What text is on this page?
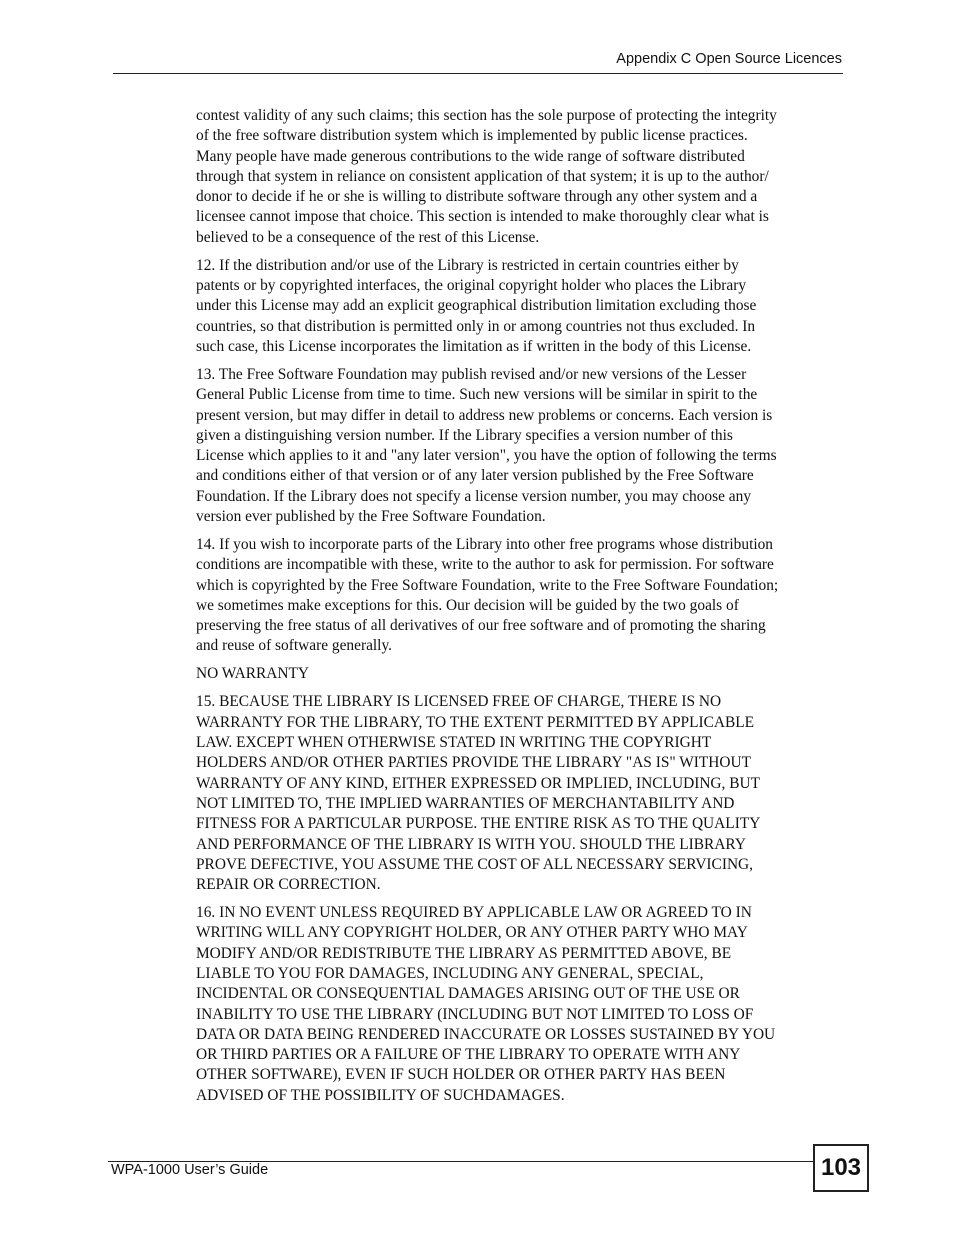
Appendix C Open Source Licences

contest validity of any such claims; this section has the sole purpose of protecting the integrity
of the free software distribution system which is implemented by public license practices.
Many people have made generous contributions to the wide range of software distributed
through that system in reliance on consistent application of that system; it is up to the author/
donor to decide if he or she is willing to distribute software through any other system and a
licensee cannot impose that choice. This section is intended to make thoroughly clear what is
believed to be a consequence of the rest of this License.

12. If the distribution and/or use of the Library is restricted in certain countries either by
patents or by copyrighted interfaces, the original copyright holder who places the Library
under this License may add an explicit geographical distribution limitation excluding those
countries, so that distribution is permitted only in or among countries not thus excluded. In
such case, this License incorporates the limitation as if written in the body of this License.

13. The Free Software Foundation may publish revised and/or new versions of the Lesser
General Public License from time to time. Such new versions will be similar in spirit to the
present version, but may differ in detail to address new problems or concerns. Each version is
given a distinguishing version number. If the Library specifies a version number of this
License which applies to it and "any later version", you have the option of following the terms
and conditions either of that version or of any later version published by the Free Software
Foundation. If the Library does not specify a license version number, you may choose any
version ever published by the Free Software Foundation.

14. If you wish to incorporate parts of the Library into other free programs whose distribution
conditions are incompatible with these, write to the author to ask for permission. For software
which is copyrighted by the Free Software Foundation, write to the Free Software Foundation;
we sometimes make exceptions for this. Our decision will be guided by the two goals of
preserving the free status of all derivatives of our free software and of promoting the sharing
and reuse of software generally.

NO WARRANTY

15. BECAUSE THE LIBRARY IS LICENSED FREE OF CHARGE, THERE IS NO
WARRANTY FOR THE LIBRARY, TO THE EXTENT PERMITTED BY APPLICABLE
LAW. EXCEPT WHEN OTHERWISE STATED IN WRITING THE COPYRIGHT
HOLDERS AND/OR OTHER PARTIES PROVIDE THE LIBRARY "AS IS" WITHOUT
WARRANTY OF ANY KIND, EITHER EXPRESSED OR IMPLIED, INCLUDING, BUT
NOT LIMITED TO, THE IMPLIED WARRANTIES OF MERCHANTABILITY AND
FITNESS FOR A PARTICULAR PURPOSE. THE ENTIRE RISK AS TO THE QUALITY
AND PERFORMANCE OF THE LIBRARY IS WITH YOU. SHOULD THE LIBRARY
PROVE DEFECTIVE, YOU ASSUME THE COST OF ALL NECESSARY SERVICING,
REPAIR OR CORRECTION.

16. IN NO EVENT UNLESS REQUIRED BY APPLICABLE LAW OR AGREED TO IN
WRITING WILL ANY COPYRIGHT HOLDER, OR ANY OTHER PARTY WHO MAY
MODIFY AND/OR REDISTRIBUTE THE LIBRARY AS PERMITTED ABOVE, BE
LIABLE TO YOU FOR DAMAGES, INCLUDING ANY GENERAL, SPECIAL,
INCIDENTAL OR CONSEQUENTIAL DAMAGES ARISING OUT OF THE USE OR
INABILITY TO USE THE LIBRARY (INCLUDING BUT NOT LIMITED TO LOSS OF
DATA OR DATA BEING RENDERED INACCURATE OR LOSSES SUSTAINED BY YOU
OR THIRD PARTIES OR A FAILURE OF THE LIBRARY TO OPERATE WITH ANY
OTHER SOFTWARE), EVEN IF SUCH HOLDER OR OTHER PARTY HAS BEEN
ADVISED OF THE POSSIBILITY OF SUCHDAMAGES.

WPA-1000 User’s Guide	103
